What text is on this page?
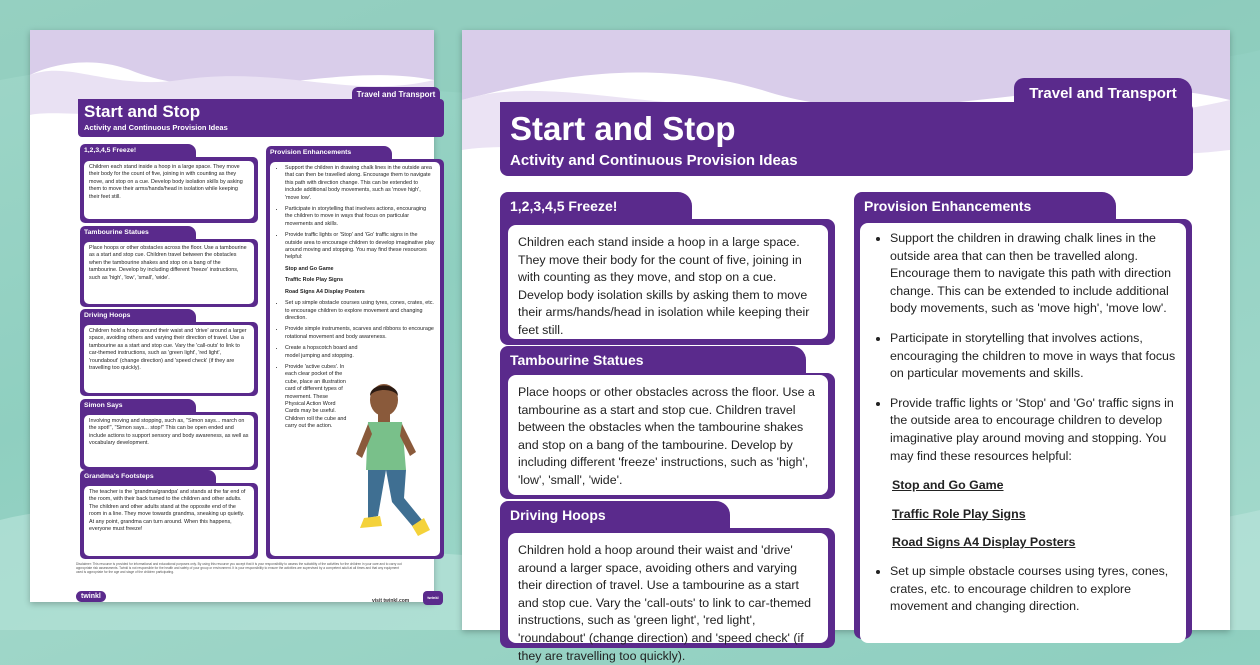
Travel and Transport
Start and Stop
Activity and Continuous Provision Ideas
1,2,3,4,5 Freeze!
Children each stand inside a hoop in a large space. They move their body for the count of five, joining in with counting as they move, and stop on a cue. Develop body isolation skills by asking them to move their arms/hands/head in isolation while keeping their feet still.
Tambourine Statues
Place hoops or other obstacles across the floor. Use a tambourine as a start and stop cue. Children travel between the obstacles when the tambourine shakes and stop on a bang of the tambourine. Develop by including different 'freeze' instructions, such as 'high', 'low', 'small', 'wide'.
Driving Hoops
Children hold a hoop around their waist and 'drive' around a larger space, avoiding others and varying their direction of travel. Use a tambourine as a start and stop cue. Vary the 'call-outs' to link to car-themed instructions, such as 'green light', 'red light', 'roundabout' (change direction) and 'speed check' (if they are travelling too quickly).
Simon Says
Involving moving and stopping, such as, "Simon says... march on the spot!", "Simon says... stop!" This can be open ended and include actions to support sensory and body awareness, as well as vocabulary development.
Grandma's Footsteps
The teacher is the 'grandma/grandpa' and stands at the far end of the room, with their back turned to the children and other adults. The children and other adults stand at the opposite end of the room in a line. They move towards grandma, sneaking up quietly. At any point, grandma can turn around. When this happens, everyone must freeze!
Provision Enhancements
• Support the children in drawing chalk lines in the outside area that can then be travelled along. Encourage them to navigate this path with direction change. This can be extended to include additional body movements, such as 'move high', 'move low'.
• Participate in storytelling that involves actions, encouraging the children to move in ways that focus on particular movements and skills.
• Provide traffic lights or 'Stop' and 'Go' traffic signs in the outside area to encourage children to develop imaginative play around moving and stopping. You may find these resources helpful:
Stop and Go Game
Traffic Role Play Signs
Road Signs A4 Display Posters
• Set up simple obstacle courses using tyres, cones, crates, etc. to encourage children to explore movement and changing direction.
• Provide simple instruments, scarves and ribbons to encourage rotational movement and body awareness.
• Create a hopscotch board and model jumping and stopping.
• Provide 'active cubes'. In each clear pocket of the cube, place an illustration card of different types of movement. These Physical Action Word Cards may be useful. Children roll the cube and carry out the action.
Disclaimer: This resource is provided for informational and educational purposes only. By using this resource you accept that it is your responsibility to assess the suitability of the activities for the children in your care and to carry out appropriate risk assessments. Twinkl is not responsible for the health and safety of your group or environment. It is your responsibility to ensure the activities are supervised by a competent adult at all times and that any equipment used is appropriate for the age and stage of the children participating.
twinkl
visit twinkl.com
twinkl
Travel and Transport
Start and Stop
Activity and Continuous Provision Ideas
1,2,3,4,5 Freeze!
Children each stand inside a hoop in a large space. They move their body for the count of five, joining in with counting as they move, and stop on a cue. Develop body isolation skills by asking them to move their arms/hands/head in isolation while keeping their feet still.
Tambourine Statues
Place hoops or other obstacles across the floor. Use a tambourine as a start and stop cue. Children travel between the obstacles when the tambourine shakes and stop on a bang of the tambourine. Develop by including different 'freeze' instructions, such as 'high', 'low', 'small', 'wide'.
Driving Hoops
Children hold a hoop around their waist and 'drive' around a larger space, avoiding others and varying their direction of travel. Use a tambourine as a start and stop cue. Vary the 'call-outs' to link to car-themed instructions, such as 'green light', 'red light', 'roundabout' (change direction) and 'speed check' (if they are travelling too quickly).
Provision Enhancements
• Support the children in drawing chalk lines in the outside area that can then be travelled along. Encourage them to navigate this path with direction change. This can be extended to include additional body movements, such as 'move high', 'move low'.
• Participate in storytelling that involves actions, encouraging the children to move in ways that focus on particular movements and skills.
• Provide traffic lights or 'Stop' and 'Go' traffic signs in the outside area to encourage children to develop imaginative play around moving and stopping. You may find these resources helpful:
Stop and Go Game
Traffic Role Play Signs
Road Signs A4 Display Posters
• Set up simple obstacle courses using tyres, cones, crates, etc. to encourage children to explore movement and changing direction.
